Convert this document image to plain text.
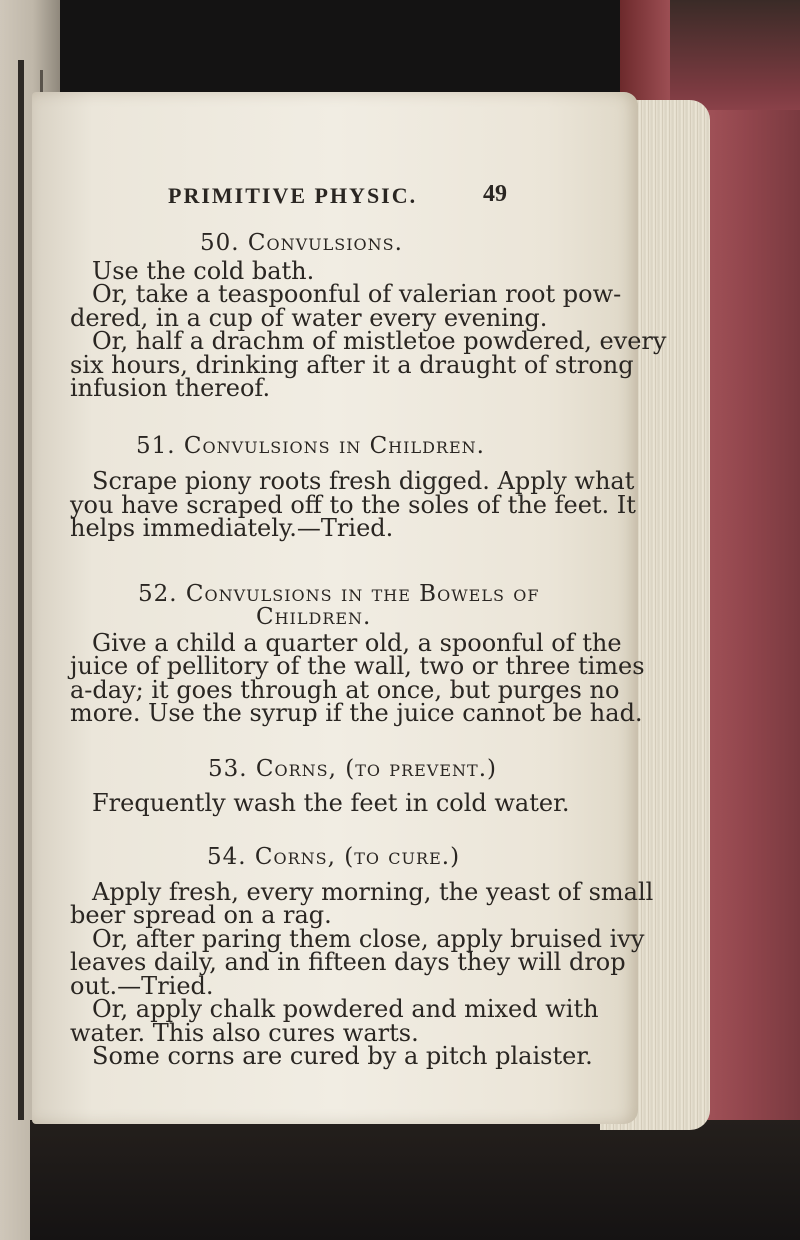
PRIMITIVE PHYSIC.	49
50. Convulsions.
Use the cold bath.
Or, take a teaspoonful of valerian root pow-
dered, in a cup of water every evening.
Or, half a drachm of mistletoe powdered, every
six hours, drinking after it a draught of strong
infusion thereof.
51. Convulsions in Children.
Scrape piony roots fresh digged. Apply what
you have scraped off to the soles of the feet. It
helps immediately.—Tried.
52. Convulsions in the Bowels of
Children.
Give a child a quarter old, a spoonful of the
juice of pellitory of the wall, two or three times
a-day; it goes through at once, but purges no
more. Use the syrup if the juice cannot be had.
53. Corns, (to prevent.)
Frequently wash the feet in cold water.
54. Corns, (to cure.)
Apply fresh, every morning, the yeast of small
beer spread on a rag.
Or, after paring them close, apply bruised ivy
leaves daily, and in fifteen days they will drop
out.—Tried.
Or, apply chalk powdered and mixed with
water. This also cures warts.
Some corns are cured by a pitch plaister.
